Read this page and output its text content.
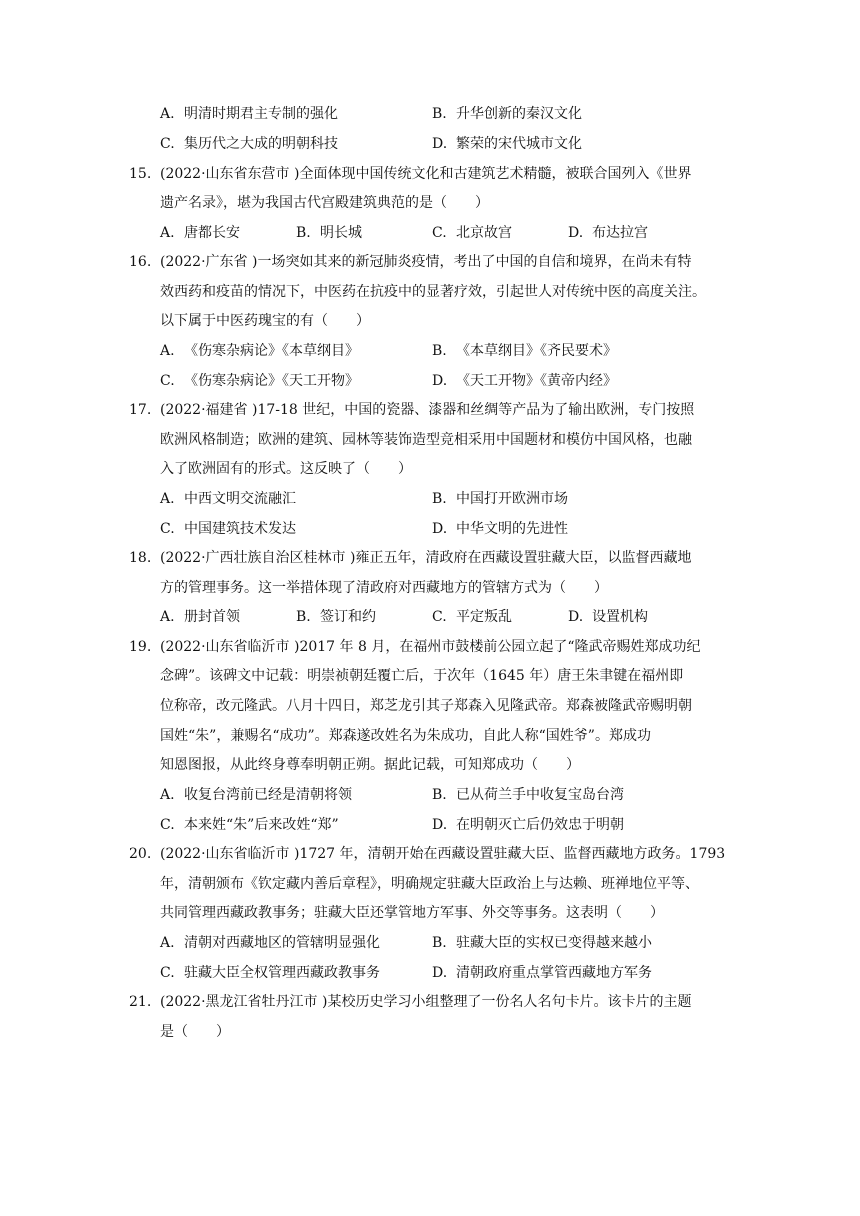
A. 明清时期君主专制的强化	B. 升华创新的秦汉文化
C. 集历代之大成的明朝科技	D. 繁荣的宋代城市文化
15. (2022·山东省东营市 )全面体现中国传统文化和古建筑艺术精髓，被联合国列入《世界
遗产名录》，堪为我国古代宫殿建筑典范的是（　　）
A. 唐都长安	B. 明长城	C. 北京故宫	D. 布达拉宫
16. (2022·广东省 )一场突如其来的新冠肺炎疫情，考出了中国的自信和境界，在尚未有特
效西药和疫苗的情况下，中医药在抗疫中的显著疗效，引起世人对传统中医的高度关注。
以下属于中医药瑰宝的有（　　）
A. 《伤寒杂病论》《本草纲目》	B. 《本草纲目》《齐民要术》
C. 《伤寒杂病论》《天工开物》	D. 《天工开物》《黄帝内经》
17. (2022·福建省 )17-18 世纪，中国的瓷器、漆器和丝绸等产品为了输出欧洲，专门按照
欧洲风格制造；欧洲的建筑、园林等装饰造型竞相采用中国题材和模仿中国风格，也融
入了欧洲固有的形式。这反映了（　　）
A. 中西文明交流融汇	B. 中国打开欧洲市场
C. 中国建筑技术发达	D. 中华文明的先进性
18. (2022·广西壮族自治区桂林市 )雍正五年，清政府在西藏设置驻藏大臣，以监督西藏地
方的管理事务。这一举措体现了清政府对西藏地方的管辖方式为（　　）
A. 册封首领	B. 签订和约	C. 平定叛乱	D. 设置机构
19. (2022·山东省临沂市 )2017 年 8 月，在福州市鼓楼前公园立起了“隆武帝赐姓郑成功纪
念碑”。该碑文中记载：明崇祯朝廷覆亡后，于次年（1645 年）唐王朱聿键在福州即
位称帝，改元隆武。八月十四日，郑芝龙引其子郑森入见隆武帝。郑森被隆武帝赐明朝
国姓“朱”，兼赐名“成功”。郑森遂改姓名为朱成功，自此人称“国姓爷”。郑成功
知恩图报，从此终身尊奉明朝正朔。据此记载，可知郑成功（　　）
A. 收复台湾前已经是清朝将领	B. 已从荷兰手中收复宝岛台湾
C. 本来姓“朱”后来改姓“郑”	D. 在明朝灭亡后仍效忠于明朝
20. (2022·山东省临沂市 )1727 年，清朝开始在西藏设置驻藏大臣、监督西藏地方政务。1793
年，清朝颁布《钦定藏内善后章程》，明确规定驻藏大臣政治上与达赖、班禅地位平等、
共同管理西藏政教事务；驻藏大臣还掌管地方军事、外交等事务。这表明（　　）
A. 清朝对西藏地区的管辖明显强化	B. 驻藏大臣的实权已变得越来越小
C. 驻藏大臣全权管理西藏政教事务	D. 清朝政府重点掌管西藏地方军务
21. (2022·黑龙江省牡丹江市 )某校历史学习小组整理了一份名人名句卡片。该卡片的主题
是（　　）
